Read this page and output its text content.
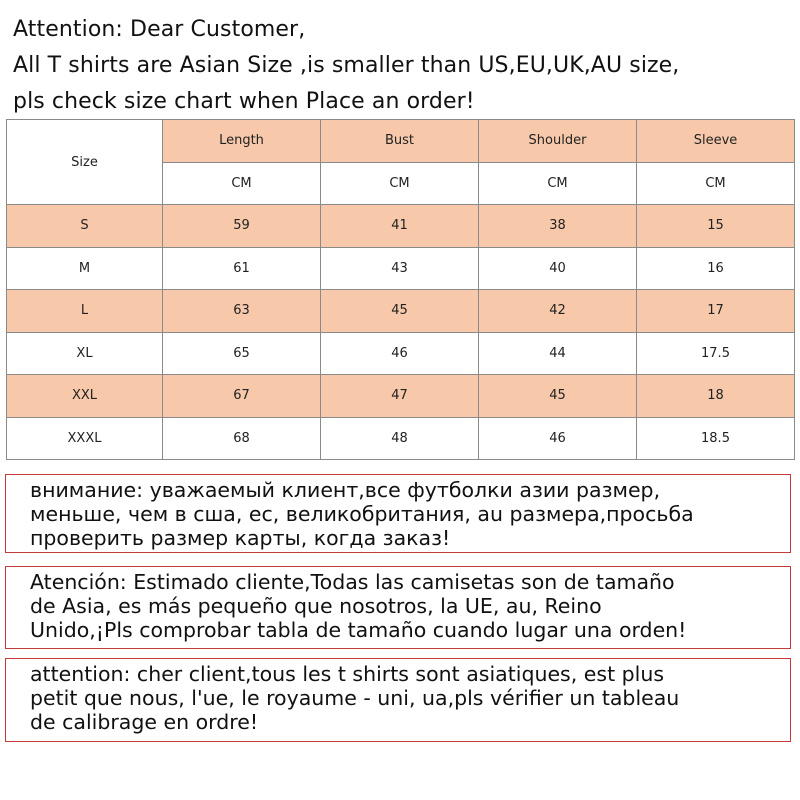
Attention: Dear Customer,
All T shirts are Asian Size ,is smaller than US,EU,UK,AU size,
pls check size chart when Place an order!
Size	Length	Bust	Shoulder	Sleeve
	CM	CM	CM	CM
S	59	41	38	15
M	61	43	40	16
L	63	45	42	17
XL	65	46	44	17.5
XXL	67	47	45	18
XXXL	68	48	46	18.5
внимание: уважаемый клиент,все футболки азии размер,
меньше, чем в сша, ес, великобритания, au размера,просьба
проверить размер карты, когда заказ!
Atención: Estimado cliente,Todas las camisetas son de tamaño
de Asia, es más pequeño que nosotros, la UE, au, Reino
Unido,¡Pls comprobar tabla de tamaño cuando lugar una orden!
attention: cher client,tous les t shirts sont asiatiques, est plus
petit que nous, l'ue, le royaume - uni, ua,pls vérifier un tableau
de calibrage en ordre!
